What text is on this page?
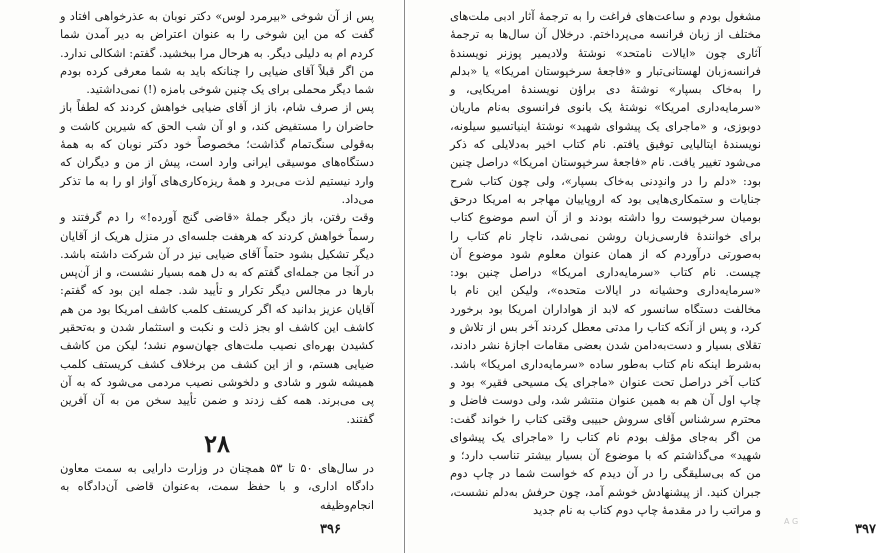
پس از آن شوخی «بیرمرد لوس» دکتر نوبان به عذرخواهی افتاد و گفت که من این شوخی را به عنوان اعتراض به دیر آمدن شما کردم ام به دلیلی دیگر. به هرحال مرا ببخشید. گفتم: اشکالی ندارد. من اگر قبلاً آقای ضیایی را چنانکه باید به شما معرفی کرده بودم شما دیگر محملی برای یک چنین شوخی بامزه (!) نمی‌داشتید.

پس از صرف شام، باز از آقای ضیایی خواهش کردند که لطفاً باز حاضران را مستفیض کند، و او آن شب الحق که شیرین کاشت و به‌قولی سنگ‌تمام گذاشت؛ مخصوصاً خود دکتر نوبان که به همهٔ دستگاه‌های موسیقی ایرانی وارد است، پیش از من و دیگران که وارد نیستیم لذت می‌برد و همهٔ ریزه‌کاری‌های آواز او را به ما تذکر می‌داد.

وقت رفتن، باز دیگر جملهٔ «قاضی گنج آورده!» را دم گرفتند و رسماً خواهش کردند که هرهفت جلسه‌ای در منزل هریک از آقایان دیگر تشکیل بشود حتماً آقای ضیایی نیز در آن شرکت داشته باشد. در آنجا من جمله‌ای گفتم که به دل همه بسیار نشست، و از آن‌پس بارها در مجالس دیگر تکرار و تأیید شد. جمله این بود که گفتم: آقایان عزیز بدانید که اگر کریستف کلمب کاشف امریکا بود من هم کاشف این کاشف او بجز ذلت و نکبت و استثمار شدن و به‌تحقیر کشیدن بهره‌ای نصیب ملت‌های جهان‌سوم نشد؛ لیکن من کاشف ضیایی هستم، و از این کشف من برخلاف کشف کریستف کلمب همیشه شور و شادی و دلخوشی نصیب مردمی می‌شود که به آن پی می‌برند. همه کف زدند و ضمن تأیید سخن من به آن آفرین گفتند.

۲۸
در سال‌های ۵۰ تا ۵۳ همچنان در وزارت دارایی به سمت معاون دادگاه اداری، و با حفظ سمت، به‌عنوان قاضی آن‌دادگاه به انجام‌وظیفه
۳۹۶

مشغول بودم و ساعت‌های فراغت را به ترجمهٔ آثار ادبی ملت‌های مختلف از زبان فرانسه می‌پرداختم. درخلال آن سال‌ها به ترجمهٔ آثاری چون «ایالات نامتحد» نوشتهٔ ولادیمیر پوزنر نویسندهٔ فرانسه‌زبان لهستانی‌تبار و «فاجعهٔ سرخپوستان امریکا» یا «بدلم را به‌خاک بسپار» نوشتهٔ دی براؤن نویسندهٔ امریکایی، و «سرمایه‌داری امریکا» نوشتهٔ یک بانوی فرانسوی به‌نام ماریان دوبوزی، و «ماجرای یک پیشوای شهید» نوشتهٔ اینیاتسیو سیلونه، نویسندهٔ ایتالیایی توفیق یافتم. نام کتاب اخیر به‌دلایلی که ذکر می‌شود تغییر یافت. نام «فاجعهٔ سرخپوستان امریکا» دراصل چنین بود: «دلم را در واندِدنی به‌خاک بسپار»، ولی چون کتاب شرح جنایات و ستمکاری‌هایی بود که اروپاییان مهاجر به امریکا درحق بومیان سرخپوست روا داشته بودند و از آن اسم موضوع کتاب برای خوانندهٔ فارسی‌زبان روشن نمی‌شد، ناچار نام کتاب را به‌صورتی درآوردم که از همان عنوان معلوم شود موضوع آن چیست. نام کتاب «سرمایه‌داری امریکا» دراصل چنین بود: «سرمایه‌داری وحشیانه در ایالات متحده»، ولیکن این نام با مخالفت دستگاه سانسور که لابد از هواداران امریکا بود برخورد کرد، و پس از آنکه کتاب را مدتی معطل کردند آخر بس از تلاش و تقلای بسیار و دست‌به‌دامن شدن بعضی مقامات اجازهٔ نشر دادند، به‌شرط اینکه نام کتاب به‌طور ساده «سرمایه‌داری امریکا» باشد. کتاب آخر دراصل تحت عنوان «ماجرای یک مسیحی فقیر» بود و چاپ اول آن هم به همین عنوان منتشر شد، ولی دوست فاضل و محترم سرشناس آقای سروش حبیبی وقتی کتاب را خواند گفت: من اگر به‌جای مؤلف بودم نام کتاب را «ماجرای یک پیشوای شهید» می‌گذاشتم که با موضوع آن بسیار بیشتر تناسب دارد؛ و من که بی‌سلیقگی را در آن دیدم که خواست شما در چاپ دوم جبران کنید. از پیشنهادش خوشم آمد، چون حرفش به‌دلم نشست، و مراتب را در مقدمهٔ چاپ دوم کتاب به نام جدید

۳۹۷
A G
